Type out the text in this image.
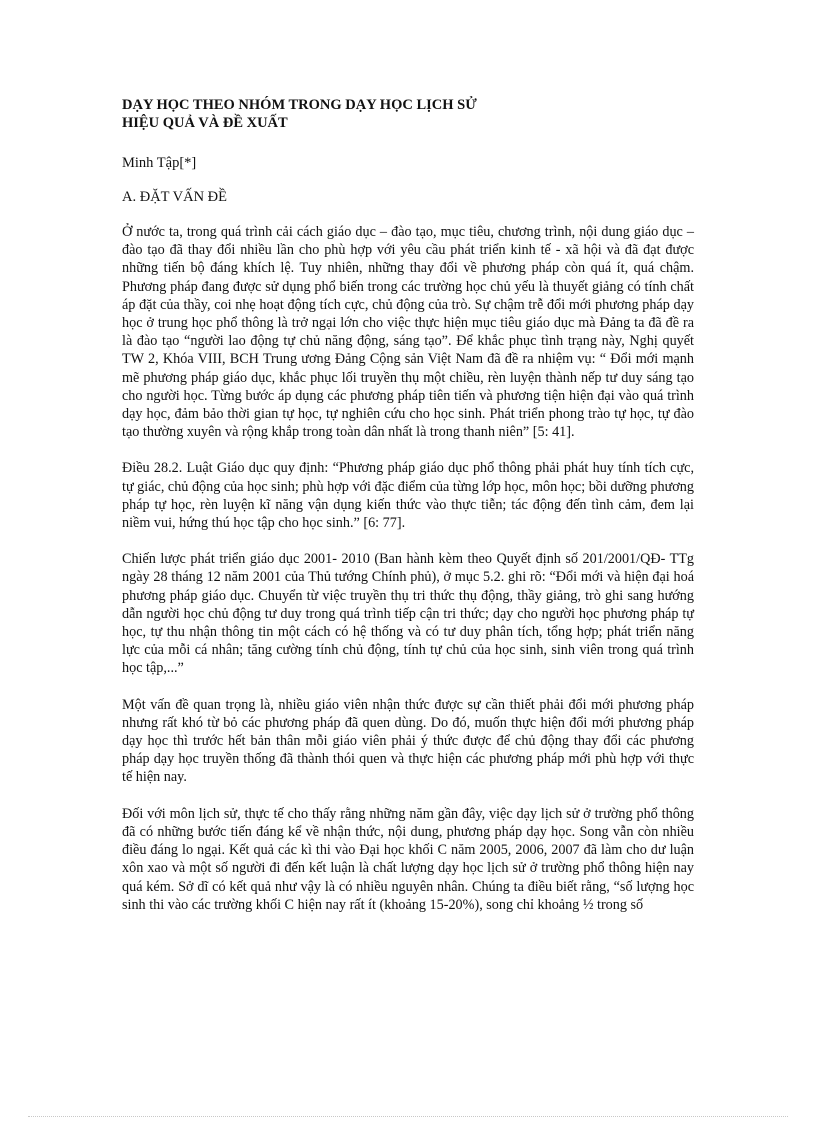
DẠY HỌC THEO NHÓM TRONG DẠY HỌC LỊCH SỬ
HIỆU QUẢ VÀ ĐỀ XUẤT
Minh Tập[*]
A. ĐẶT VẤN ĐỀ

Ở nước ta, trong quá trình cải cách giáo dục – đào tạo, mục tiêu, chương trình, nội dung giáo dục – đào tạo đã thay đổi nhiều lần cho phù hợp với yêu cầu phát triển kinh tế - xã hội và đã đạt được những tiến bộ đáng khích lệ. Tuy nhiên, những thay đổi về phương pháp còn quá ít, quá chậm. Phương pháp đang được sử dụng phổ biến trong các trường học chủ yếu là thuyết giảng có tính chất áp đặt của thầy, coi nhẹ hoạt động tích cực, chủ động của trò. Sự chậm trễ đổi mới phương pháp dạy học ở trung học phổ thông là trở ngại lớn cho việc thực hiện mục tiêu giáo dục mà Đảng ta đã đề ra là đào tạo “người lao động tự chủ năng động, sáng tạo”. Để khắc phục tình trạng này, Nghị quyết TW 2, Khóa VIII, BCH Trung ương Đảng Cộng sản Việt Nam đã đề ra nhiệm vụ: “ Đổi mới mạnh mẽ phương pháp giáo dục, khắc phục lối truyền thụ một chiều, rèn luyện thành nếp tư duy sáng tạo cho người học. Từng bước áp dụng các phương pháp tiên tiến và phương tiện hiện đại vào quá trình dạy học, đảm bảo thời gian tự học, tự nghiên cứu cho học sinh. Phát triển phong trào tự học, tự đào tạo thường xuyên và rộng khắp trong toàn dân nhất là trong thanh niên” [5: 41].

Điều 28.2. Luật Giáo dục quy định: “Phương pháp giáo dục phổ thông phải phát huy tính tích cực, tự giác, chủ động của học sinh; phù hợp với đặc điểm của từng lớp học, môn học; bồi dưỡng phương pháp tự học, rèn luyện kĩ năng vận dụng kiến thức vào thực tiễn; tác động đến tình cảm, đem lại niềm vui, hứng thú học tập cho học sinh.” [6: 77].

Chiến lược phát triển giáo dục 2001- 2010 (Ban hành kèm theo Quyết định số 201/2001/QĐ- TTg ngày 28 tháng 12 năm 2001 của Thủ tướng Chính phủ), ở mục 5.2. ghi rõ: “Đổi mới và hiện đại hoá phương pháp giáo dục. Chuyển từ việc truyền thụ tri thức thụ động, thầy giảng, trò ghi sang hướng dẫn người học chủ động tư duy trong quá trình tiếp cận tri thức; dạy cho người học phương pháp tự học, tự thu nhận thông tin một cách có hệ thống và có tư duy phân tích, tổng hợp; phát triển năng lực của mỗi cá nhân; tăng cường tính chủ động, tính tự chủ của học sinh, sinh viên trong quá trình học tập,...”

Một vấn đề quan trọng là, nhiều giáo viên nhận thức được sự cần thiết phải đổi mới phương pháp nhưng rất khó từ bỏ các phương pháp đã quen dùng. Do đó, muốn thực hiện đổi mới phương pháp dạy học thì trước hết bản thân mỗi giáo viên phải ý thức được để chủ động thay đổi các phương pháp dạy học truyền thống đã thành thói quen và thực hiện các phương pháp mới phù hợp với thực tế hiện nay.

Đối với môn lịch sử, thực tế cho thấy rằng những năm gần đây, việc dạy lịch sử ở trường phổ thông đã có những bước tiến đáng kể về nhận thức, nội dung, phương pháp dạy học. Song vẫn còn nhiều điều đáng lo ngại. Kết quả các kì thi vào Đại học khối C năm 2005, 2006, 2007 đã làm cho dư luận xôn xao và một số người đi đến kết luận là chất lượng dạy học lịch sử ở trường phổ thông hiện nay quá kém. Sở dĩ có kết quả như vậy là có nhiều nguyên nhân. Chúng ta điều biết rằng, “số lượng học sinh thi vào các trường khối C hiện nay rất ít (khoảng 15-20%), song chỉ khoảng ½ trong số
